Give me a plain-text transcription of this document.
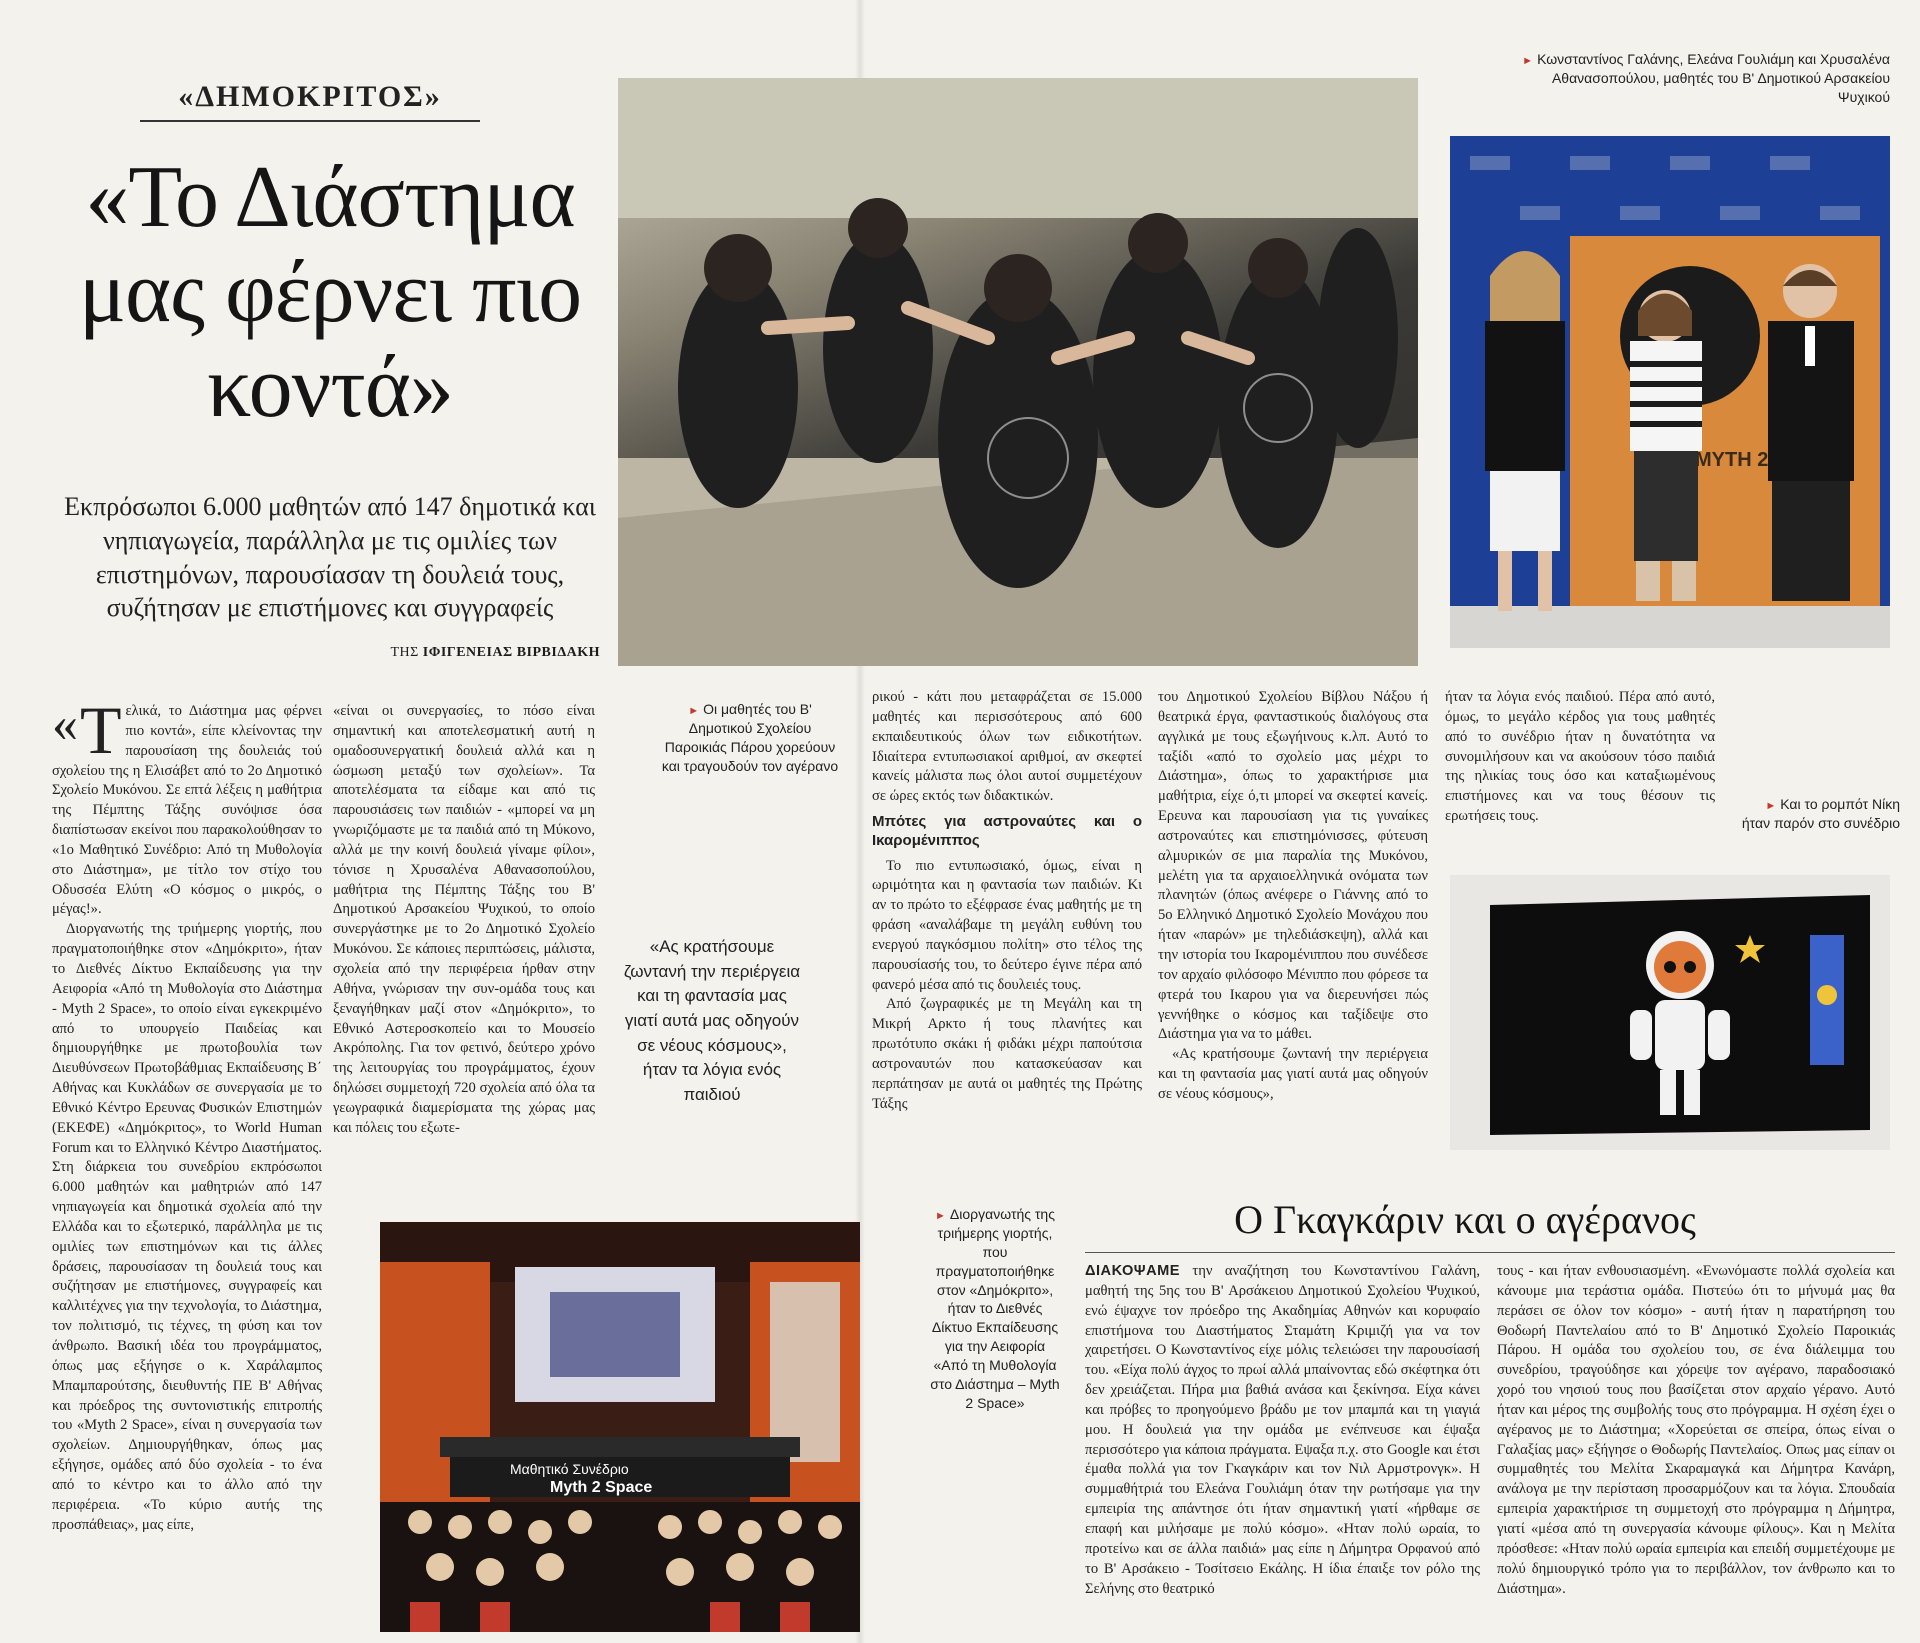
«ΔΗΜΟΚΡΙΤΟΣ»
«Το Διάστημα μας φέρνει πιο κοντά»

Εκπρόσωποι 6.000 μαθητών από 147 δημοτικά και νηπιαγωγεία, παράλληλα με τις ομιλίες των επιστημόνων, παρουσίασαν τη δουλειά τους, συζήτησαν με επιστήμονες και συγγραφείς

ΤΗΣ ΙΦΙΓΕΝΕΙΑΣ ΒΙΡΒΙΔΑΚΗ
MYTH 2
Μαθητικό Συνέδριο
Myth 2 Space
► Οι μαθητές του Β' Δημοτικού Σχολείου Παροικιάς Πάρου χορεύουν και τραγουδούν τον αγέρανο
► Κωνσταντίνος Γαλάνης, Ελεάνα Γουλιάμη και Χρυσαλένα Αθανασοπούλου, μαθητές του Β' Δημοτικού Αρσακείου Ψυχικού
► Και το ρομπότ Νίκη ήταν παρόν στο συνέδριο
► Διοργανωτής της τριήμερης γιορτής, που πραγματοποιήθηκε στον «Δημόκριτο», ήταν το Διεθνές Δίκτυο Εκπαίδευσης για την Αειφορία «Από τη Μυθολογία στο Διάστημα – Myth 2 Space»

« Τ ελικά, το Διάστημα μας φέρνει πιο κοντά», είπε κλείνοντας την παρουσίαση της δουλειάς τού σχολείου της η Ελισάβετ από το 2ο Δημοτικό Σχολείο Μυκόνου. Σε επτά λέξεις η μαθήτρια της Πέμπτης Τάξης συνόψισε όσα διαπίστωσαν εκείνοι που παρακολούθησαν το «1ο Μαθητικό Συνέδριο: Από τη Μυθολογία στο Διάστημα», με τίτλο τον στίχο του Οδυσσέα Ελύτη «Ο κόσμος ο μικρός, ο μέγας!».

Διοργανωτής της τριήμερης γιορτής, που πραγματοποιήθηκε στον «Δημόκριτο», ήταν το Διεθνές Δίκτυο Εκπαίδευσης για την Αειφορία «Από τη Μυθολογία στο Διάστημα - Myth 2 Space», το οποίο είναι εγκεκριμένο από το υπουργείο Παιδείας και δημιουργήθηκε με πρωτοβουλία των Διευθύνσεων Πρωτοβάθμιας Εκπαίδευσης Β΄ Αθήνας και Κυκλάδων σε συνεργασία με το Εθνικό Κέντρο Ερευνας Φυσικών Επιστημών (ΕΚΕΦΕ) «Δημόκριτος», το World Human Forum και το Ελληνικό Κέντρο Διαστήματος. Στη διάρκεια του συνεδρίου εκπρόσωποι 6.000 μαθητών και μαθητριών από 147 νηπιαγωγεία και δημοτικά σχολεία από την Ελλάδα και το εξωτερικό, παράλληλα με τις ομιλίες των επιστημόνων και τις άλλες δράσεις, παρουσίασαν τη δουλειά τους και συζήτησαν με επιστήμονες, συγγραφείς και καλλιτέχνες για την τεχνολογία, το Διάστημα, τον πολιτισμό, τις τέχνες, τη φύση και τον άνθρωπο. Βασική ιδέα του προγράμματος, όπως μας εξήγησε ο κ. Χαράλαμπος Μπαμπαρούτσης, διευθυντής ΠΕ Β' Αθήνας και πρόεδρος της συντονιστικής επιτροπής του «Myth 2 Space», είναι η συνεργασία των σχολείων. Δημιουργήθηκαν, όπως μας εξήγησε, ομάδες από δύο σχολεία - το ένα από το κέντρο και το άλλο από την περιφέρεια. «Το κύριο αυτής της προσπάθειας», μας είπε,

«είναι οι συνεργασίες, το πόσο είναι σημαντική και αποτελεσματική αυτή η ομαδοσυνεργατική δουλειά αλλά και η ώσμωση μεταξύ των σχολείων». Τα αποτελέσματα τα είδαμε και από τις παρουσιάσεις των παιδιών - «μπορεί να μη γνωριζόμαστε με τα παιδιά από τη Μύκονο, αλλά με την κοινή δουλειά γίναμε φίλοι», τόνισε η Χρυσαλένα Αθανασοπούλου, μαθήτρια της Πέμπτης Τάξης του Β' Δημοτικού Αρσακείου Ψυχικού, το οποίο συνεργάστηκε με το 2ο Δημοτικό Σχολείο Μυκόνου. Σε κάποιες περιπτώσεις, μάλιστα, σχολεία από την περιφέρεια ήρθαν στην Αθήνα, γνώρισαν την συν-ομάδα τους και ξεναγήθηκαν μαζί στον «Δημόκριτο», το Εθνικό Αστεροσκοπείο και το Μουσείο Ακρόπολης. Για τον φετινό, δεύτερο χρόνο της λειτουργίας του προγράμματος, έχουν δηλώσει συμμετοχή 720 σχολεία από όλα τα γεωγραφικά διαμερίσματα της χώρας μας και πόλεις του εξωτε-

«Ας κρατήσουμε ζωντανή την περιέργεια και τη φαντασία μας γιατί αυτά μας οδηγούν σε νέους κόσμους», ήταν τα λόγια ενός παιδιού

ρικού - κάτι που μεταφράζεται σε 15.000 μαθητές και περισσότερους από 600 εκπαιδευτικούς όλων των ειδικοτήτων. Ιδιαίτερα εντυπωσιακοί αριθμοί, αν σκεφτεί κανείς μάλιστα πως όλοι αυτοί συμμετέχουν σε ώρες εκτός των διδακτικών.

Μπότες για αστροναύτες και ο Ικαρομένιππος

Το πιο εντυπωσιακό, όμως, είναι η ωριμότητα και η φαντασία των παιδιών. Κι αν το πρώτο το εξέφρασε ένας μαθητής με τη φράση «αναλάβαμε τη μεγάλη ευθύνη του ενεργού παγκόσμιου πολίτη» στο τέλος της παρουσίασής του, το δεύτερο έγινε πέρα από φανερό μέσα από τις δουλειές τους.

Από ζωγραφικές με τη Μεγάλη και τη Μικρή Αρκτο ή τους πλανήτες και πρωτότυπο σκάκι ή φιδάκι μέχρι παπούτσια αστροναυτών που κατασκεύασαν και περπάτησαν με αυτά οι μαθητές της Πρώτης Τάξης

του Δημοτικού Σχολείου Βίβλου Νάξου ή θεατρικά έργα, φανταστικούς διαλόγους στα αγγλικά με τους εξωγήινους κ.λπ. Αυτό το ταξίδι «από το σχολείο μας μέχρι το Διάστημα», όπως το χαρακτήρισε μια μαθήτρια, είχε ό,τι μπορεί να σκεφτεί κανείς. Ερευνα και παρουσίαση για τις γυναίκες αστροναύτες και επιστημόνισσες, φύτευση αλμυρικών σε μια παραλία της Μυκόνου, μελέτη για τα αρχαιοελληνικά ονόματα των πλανητών (όπως ανέφερε ο Γιάννης από το 5ο Ελληνικό Δημοτικό Σχολείο Μονάχου που ήταν «παρών» με τηλεδιάσκεψη), αλλά και την ιστορία του Ικαρομένιππου που συνέδεσε τον αρχαίο φιλόσοφο Μένιππο που φόρεσε τα φτερά του Ικαρου για να διερευνήσει πώς γεννήθηκε ο κόσμος και ταξίδεψε στο Διάστημα για να το μάθει.

«Ας κρατήσουμε ζωντανή την περιέργεια και τη φαντασία μας γιατί αυτά μας οδηγούν σε νέους κόσμους»,

ήταν τα λόγια ενός παιδιού. Πέρα από αυτό, όμως, το μεγάλο κέρδος για τους μαθητές από το συνέδριο ήταν η δυνατότητα να συνομιλήσουν και να ακούσουν τόσο παιδιά της ηλικίας τους όσο και καταξιωμένους επιστήμονες και να τους θέσουν τις ερωτήσεις τους.

Ο Γκαγκάριν και ο αγέρανος

ΔΙΑΚΟΨΑΜΕ την αναζήτηση του Κωνσταντίνου Γαλάνη, μαθητή της 5ης του Β' Αρσάκειου Δημοτικού Σχολείου Ψυχικού, ενώ έψαχνε τον πρόεδρο της Ακαδημίας Αθηνών και κορυφαίο επιστήμονα του Διαστήματος Σταμάτη Κριμιζή για να τον χαιρετήσει. Ο Κωνσταντίνος είχε μόλις τελειώσει την παρουσίασή του. «Είχα πολύ άγχος το πρωί αλλά μπαίνοντας εδώ σκέφτηκα ότι δεν χρειάζεται. Πήρα μια βαθιά ανάσα και ξεκίνησα. Είχα κάνει και πρόβες το προηγούμενο βράδυ με τον μπαμπά και τη γιαγιά μου. Η δουλειά για την ομάδα με ενέπνευσε και έψαξα περισσότερο για κάποια πράγματα. Εψαξα π.χ. στο Google και έτσι έμαθα πολλά για τον Γκαγκάριν και τον Νιλ Αρμστρονγκ». Η συμμαθήτριά του Ελεάνα Γουλιάμη όταν την ρωτήσαμε για την εμπειρία της απάντησε ότι ήταν σημαντική γιατί «ήρθαμε σε επαφή και μιλήσαμε με πολύ κόσμο». «Ηταν πολύ ωραία, το προτείνω και σε άλλα παιδιά» μας είπε η Δήμητρα Ορφανού από το Β' Αρσάκειο - Τοσίτσειο Εκάλης. Η ίδια έπαιξε τον ρόλο της Σελήνης στο θεατρικό

τους - και ήταν ενθουσιασμένη. «Ενωνόμαστε πολλά σχολεία και κάνουμε μια τεράστια ομάδα. Πιστεύω ότι το μήνυμά μας θα περάσει σε όλον τον κόσμο» - αυτή ήταν η παρατήρηση του Θοδωρή Παντελαίου από το Β' Δημοτικό Σχολείο Παροικιάς Πάρου. Η ομάδα του σχολείου του, σε ένα διάλειμμα του συνεδρίου, τραγούδησε και χόρεψε τον αγέρανο, παραδοσιακό χορό του νησιού τους που βασίζεται στον αρχαίο γέρανο. Αυτό ήταν και μέρος της συμβολής τους στο πρόγραμμα. Η σχέση έχει ο αγέρανος με το Διάστημα; «Χορεύεται σε σπείρα, όπως είναι ο Γαλαξίας μας» εξήγησε ο Θοδωρής Παντελαίος. Οπως μας είπαν οι συμμαθητές του Μελίτα Σκαραμαγκά και Δήμητρα Κανάρη, ανάλογα με την περίσταση προσαρμόζουν και τα λόγια. Σπουδαία εμπειρία χαρακτήρισε τη συμμετοχή στο πρόγραμμα η Δήμητρα, γιατί «μέσα από τη συνεργασία κάνουμε φίλους». Και η Μελίτα πρόσθεσε: «Ηταν πολύ ωραία εμπειρία και επειδή συμμετέχουμε με πολύ δημιουργικό τρόπο για το περιβάλλον, τον άνθρωπο και το Διάστημα».
